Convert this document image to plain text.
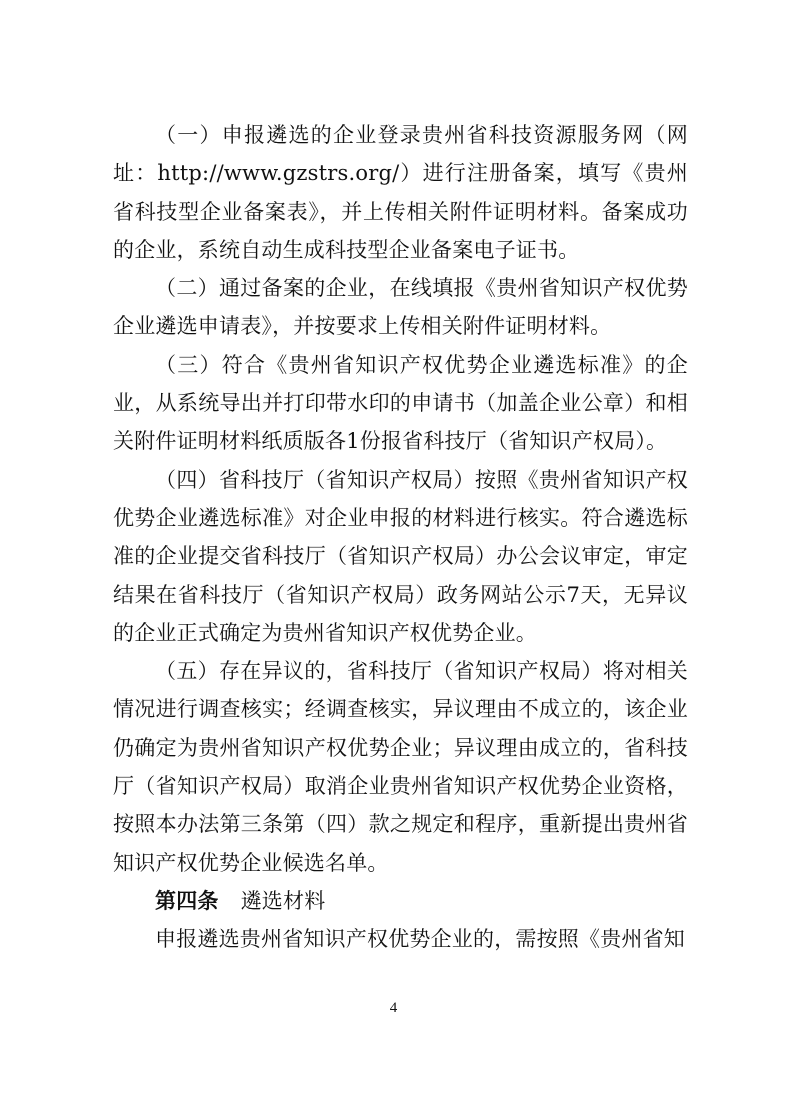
（一）申报遴选的企业登录贵州省科技资源服务网（网址：http://www.gzstrs.org/）进行注册备案，填写《贵州省科技型企业备案表》，并上传相关附件证明材料。备案成功的企业，系统自动生成科技型企业备案电子证书。

（二）通过备案的企业，在线填报《贵州省知识产权优势企业遴选申请表》，并按要求上传相关附件证明材料。

（三）符合《贵州省知识产权优势企业遴选标准》的企业，从系统导出并打印带水印的申请书（加盖企业公章）和相关附件证明材料纸质版各1份报省科技厅（省知识产权局）。

（四）省科技厅（省知识产权局）按照《贵州省知识产权优势企业遴选标准》对企业申报的材料进行核实。符合遴选标准的企业提交省科技厅（省知识产权局）办公会议审定，审定结果在省科技厅（省知识产权局）政务网站公示7天，无异议的企业正式确定为贵州省知识产权优势企业。

（五）存在异议的，省科技厅（省知识产权局）将对相关情况进行调查核实；经调查核实，异议理由不成立的，该企业仍确定为贵州省知识产权优势企业；异议理由成立的，省科技厅（省知识产权局）取消企业贵州省知识产权优势企业资格，按照本办法第三条第（四）款之规定和程序，重新提出贵州省知识产权优势企业候选名单。

第四条 遴选材料

申报遴选贵州省知识产权优势企业的，需按照《贵州省知

4
